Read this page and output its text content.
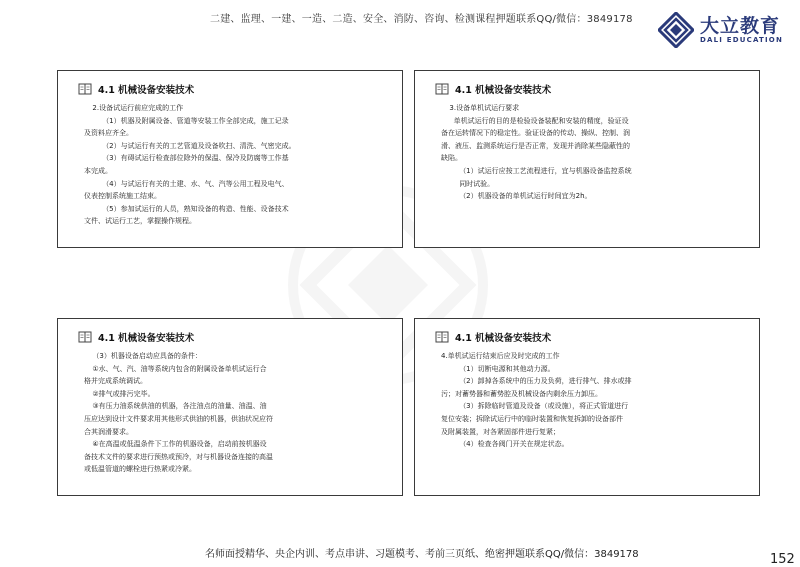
二建、监理、一建、一造、二造、安全、消防、咨询、检测课程押题联系QQ/微信：3849178	大立教育
DALI EDUCATION
4.1 机械设备安装技术

2.设备试运行前应完成的工作

（1）机器及附属设备、管道等安装工作全部完成，施工记录

及资料应齐全。

（2）与试运行有关的工艺管道及设备吹扫、清洗、气密完成。

（3）有碍试运行检查部位除外的保温、保冷及防腐等工作基

本完成。

（4）与试运行有关的土建、水、气、汽等公用工程及电气、

仪表控制系统施工结束。

（5）参加试运行的人员，熟知设备的构造、性能、设备技术

文件、试运行工艺，掌握操作规程。

4.1 机械设备安装技术

3.设备单机试运行要求

单机试运行的目的是检验设备装配和安装的精度，验证设

备在运转情况下的稳定性。验证设备的传动、操纵、控制、润

滑、液压、监测系统运行是否正常，发现并消除某些隐蔽性的

缺陷。

（1）试运行应按工艺流程进行，宜与机器设备监控系统

同时试验。

（2）机器设备的单机试运行时间宜为2h。

4.1 机械设备安装技术

（3）机器设备启动应具备的条件：

①水、气、汽、油等系统内包含的附属设备单机试运行合

格并完成系统调试。

②排气或排污完毕。

③有压力油系统供油的机器，各注油点的油量、油温、油

压应达到设计文件要求用其他形式供油的机器，供油状况应符

合其润滑要求。

④在高温或低温条件下工作的机器设备，启动前按机器设

备技术文件的要求进行预热或预冷，对与机器设备连接的高温

或低温管道的螺栓进行热紧或冷紧。

4.1 机械设备安装技术

4.单机试运行结束后应及时完成的工作

（1）切断电源和其他动力源。

（2）卸掉各系统中的压力及负荷，进行排气、排水或排

污；对蓄势器和蓄势腔及机械设备内剩余压力卸压。

（3）拆除临时管道及设备（或设施），将正式管道进行

复位安装；拆除试运行中的临时装置和恢复拆卸的设备部件

及附属装置，对各紧固部件进行复紧；

（4）检查各阀门开关在规定状态。

名师面授精华、央企内训、考点串讲、习题模考、考前三页纸、绝密押题联系QQ/微信：3849178	152
